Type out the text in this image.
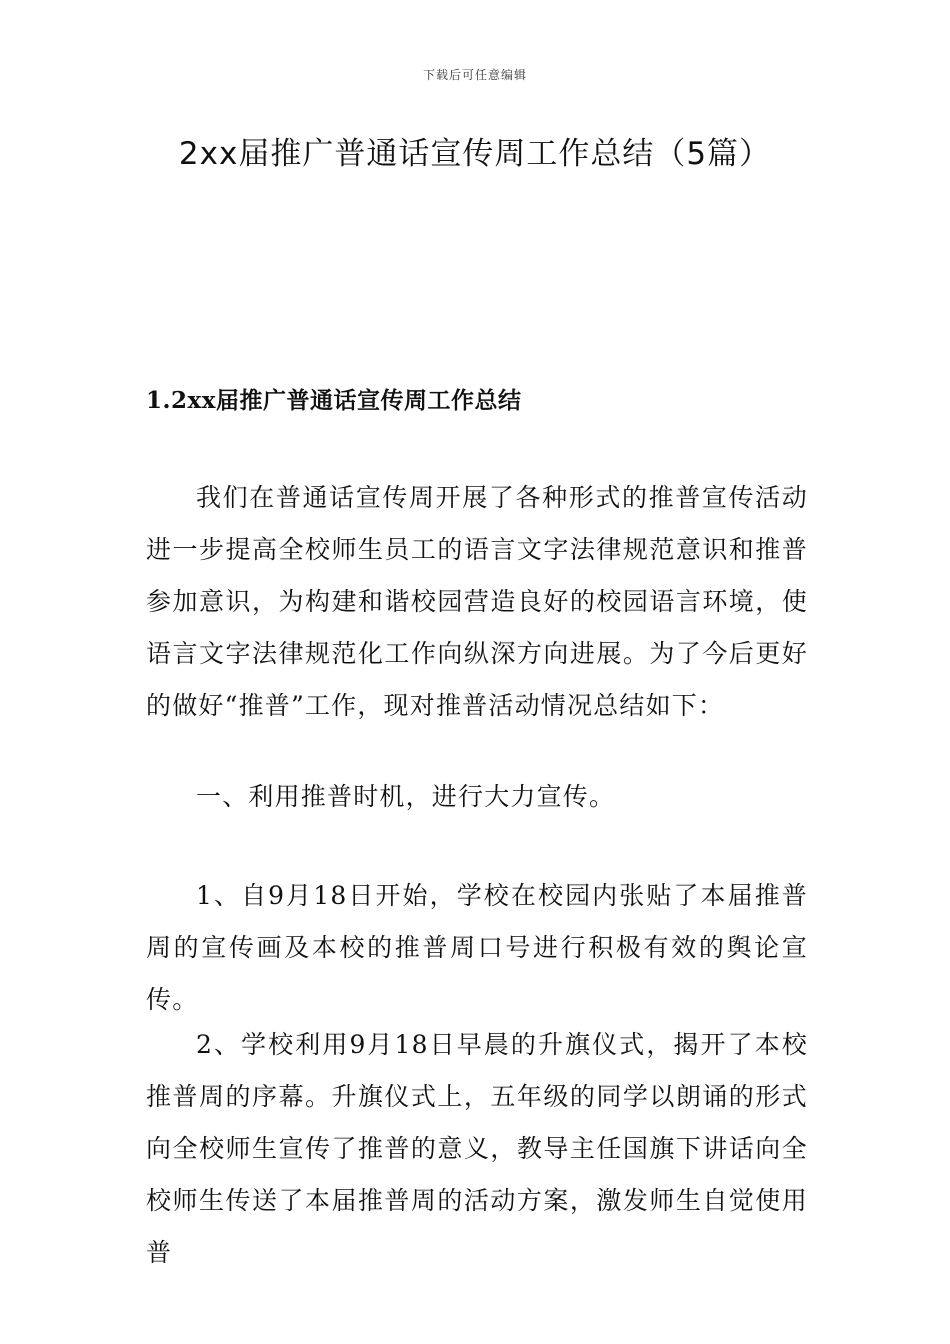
下载后可任意编辑
2xx届推广普通话宣传周工作总结（5篇）
1.2xx届推广普通话宣传周工作总结

我们在普通话宣传周开展了各种形式的推普宣传活动进一步提高全校师生员工的语言文字法律规范意识和推普参加意识，为构建和谐校园营造良好的校园语言环境，使语言文字法律规范化工作向纵深方向进展。为了今后更好的做好“推普”工作，现对推普活动情况总结如下：

一、利用推普时机，进行大力宣传。

1、自9月18日开始，学校在校园内张贴了本届推普周的宣传画及本校的推普周口号进行积极有效的舆论宣传。

2、学校利用9月18日早晨的升旗仪式，揭开了本校推普周的序幕。升旗仪式上，五年级的同学以朗诵的形式向全校师生宣传了推普的意义，教导主任国旗下讲话向全校师生传送了本届推普周的活动方案，激发师生自觉使用普
